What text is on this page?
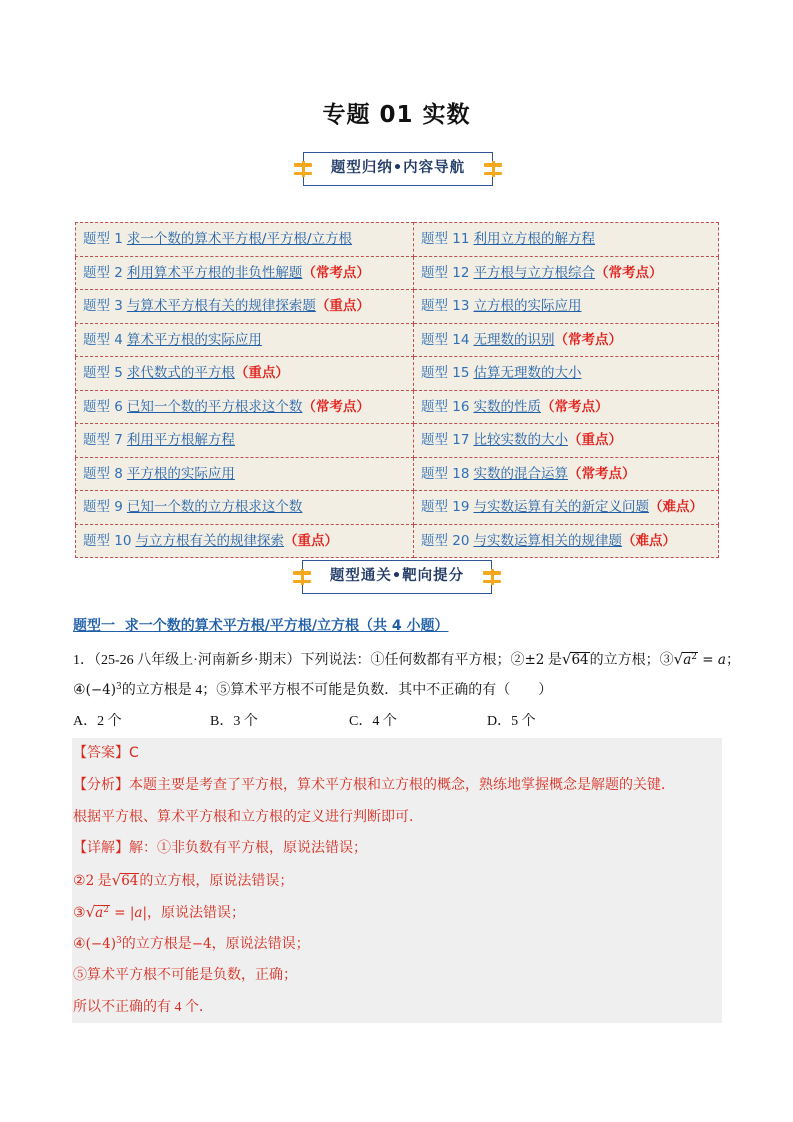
专题 01 实数
题型归纳•内容导航
题型 1 求一个数的算术平方根/平方根/立方根	题型 11 利用立方根的解方程
题型 2 利用算术平方根的非负性解题（常考点）	题型 12 平方根与立方根综合（常考点）
题型 3 与算术平方根有关的规律探索题（重点）	题型 13 立方根的实际应用
题型 4 算术平方根的实际应用	题型 14 无理数的识别（常考点）
题型 5 求代数式的平方根（重点）	题型 15 估算无理数的大小
题型 6 已知一个数的平方根求这个数（常考点）	题型 16 实数的性质（常考点）
题型 7 利用平方根解方程	题型 17 比较实数的大小（重点）
题型 8 平方根的实际应用	题型 18 实数的混合运算（常考点）
题型 9 已知一个数的立方根求这个数	题型 19 与实数运算有关的新定义问题（难点）
题型 10 与立方根有关的规律探索（重点）	题型 20 与实数运算相关的规律题（难点）
题型通关•靶向提分
题型一  求一个数的算术平方根/平方根/立方根（共 4 小题）
1．（25-26 八年级上·河南新乡·期末）下列说法：①任何数都有平方根；②±2 是√64的立方根；$③√a^2 = a$；
$④(-4)^3$的立方根是 4；⑤算术平方根不可能是负数．其中不正确的有（　　）
A．2 个	B．3 个	C．4 个	D．5 个
【答案】C
【分析】本题主要是考查了平方根，算术平方根和立方根的概念，熟练地掌握概念是解题的关键．
根据平方根、算术平方根和立方根的定义进行判断即可．
【详解】解：①非负数有平方根，原说法错误；
②2 是√64的立方根，原说法错误；
$③√a^2 = |a|$，原说法错误；
$④(-4)^3$的立方根是−4，原说法错误；
⑤算术平方根不可能是负数，正确；
所以不正确的有 4 个．
